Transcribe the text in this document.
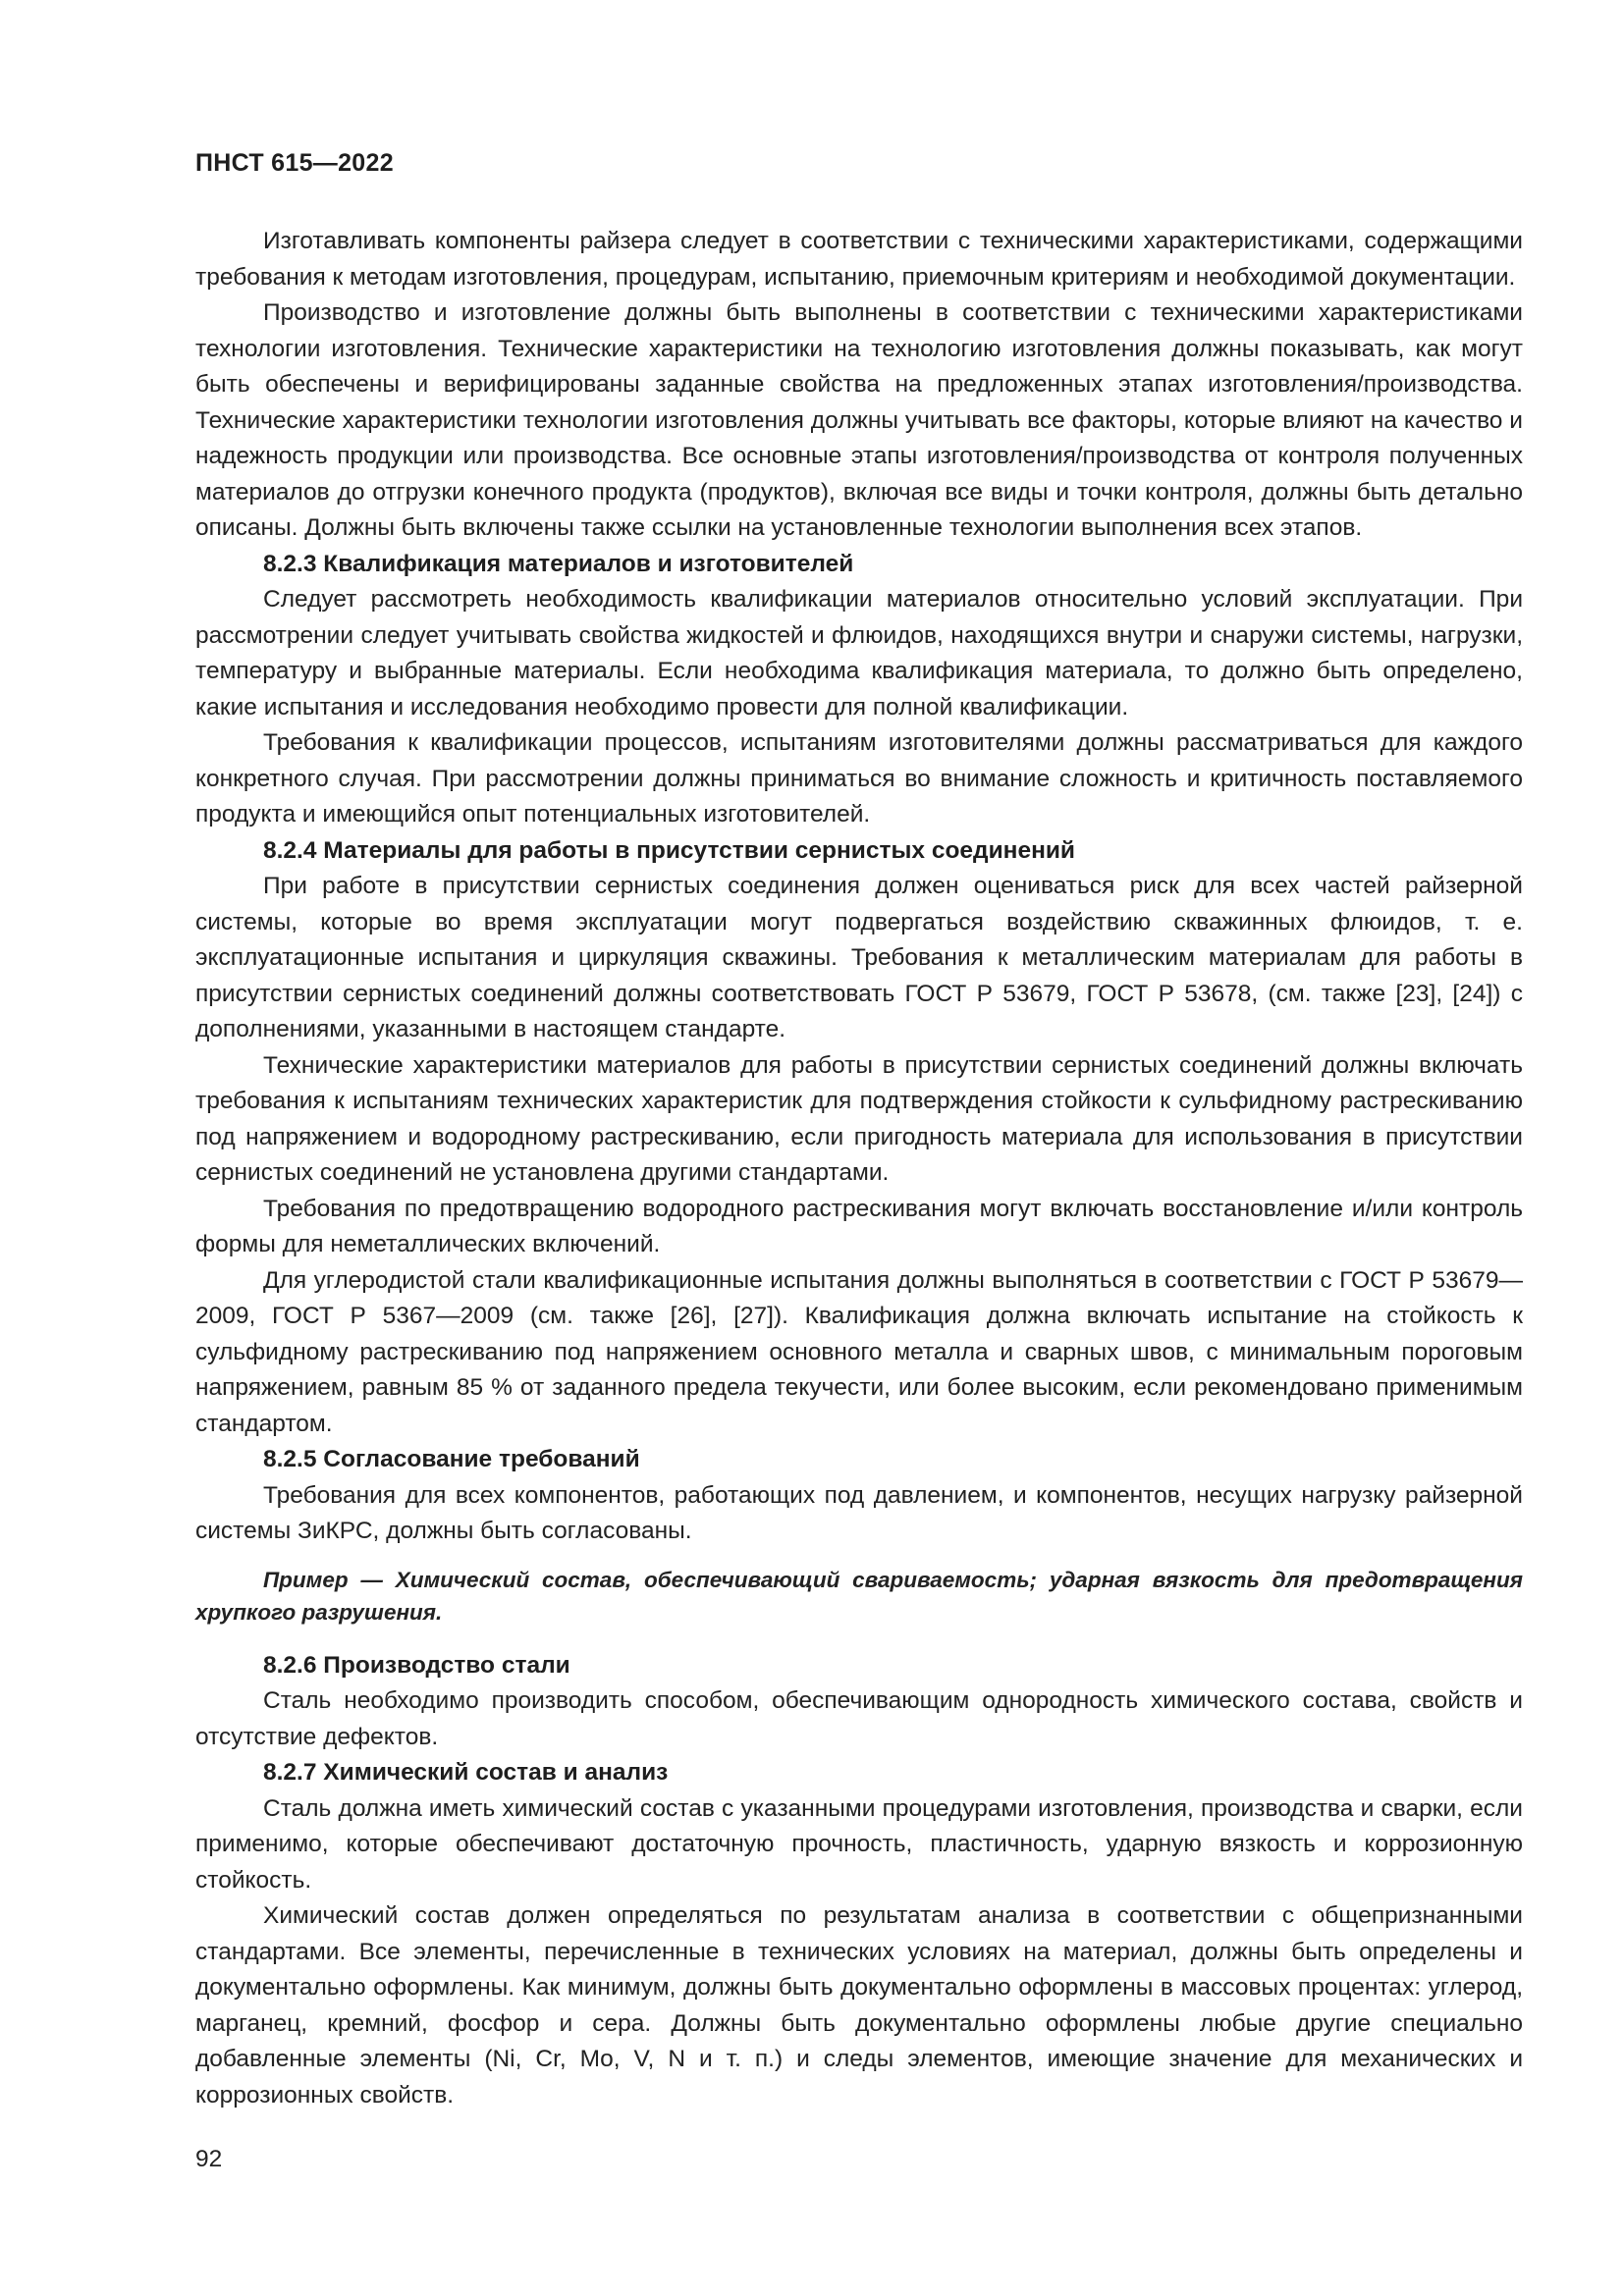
ПНСТ 615—2022

Изготавливать компоненты райзера следует в соответствии с техническими характеристиками, содержащими требования к методам изготовления, процедурам, испытанию, приемочным критериям и необходимой документации.

Производство и изготовление должны быть выполнены в соответствии с техническими характеристиками технологии изготовления. Технические характеристики на технологию изготовления должны показывать, как могут быть обеспечены и верифицированы заданные свойства на предложенных этапах изготовления/производства. Технические характеристики технологии изготовления должны учитывать все факторы, которые влияют на качество и надежность продукции или производства. Все основные этапы изготовления/производства от контроля полученных материалов до отгрузки конечного продукта (продуктов), включая все виды и точки контроля, должны быть детально описаны. Должны быть включены также ссылки на установленные технологии выполнения всех этапов.

8.2.3 Квалификация материалов и изготовителей

Следует рассмотреть необходимость квалификации материалов относительно условий эксплуатации. При рассмотрении следует учитывать свойства жидкостей и флюидов, находящихся внутри и снаружи системы, нагрузки, температуру и выбранные материалы. Если необходима квалификация материала, то должно быть определено, какие испытания и исследования необходимо провести для полной квалификации.

Требования к квалификации процессов, испытаниям изготовителями должны рассматриваться для каждого конкретного случая. При рассмотрении должны приниматься во внимание сложность и критичность поставляемого продукта и имеющийся опыт потенциальных изготовителей.

8.2.4 Материалы для работы в присутствии сернистых соединений

При работе в присутствии сернистых соединения должен оцениваться риск для всех частей райзерной системы, которые во время эксплуатации могут подвергаться воздействию скважинных флюидов, т. е. эксплуатационные испытания и циркуляция скважины. Требования к металлическим материалам для работы в присутствии сернистых соединений должны соответствовать ГОСТ Р 53679, ГОСТ Р 53678, (см. также [23], [24]) с дополнениями, указанными в настоящем стандарте.

Технические характеристики материалов для работы в присутствии сернистых соединений должны включать требования к испытаниям технических характеристик для подтверждения стойкости к сульфидному растрескиванию под напряжением и водородному растрескиванию, если пригодность материала для использования в присутствии сернистых соединений не установлена другими стандартами.

Требования по предотвращению водородного растрескивания могут включать восстановление и/или контроль формы для неметаллических включений.

Для углеродистой стали квалификационные испытания должны выполняться в соответствии с ГОСТ Р 53679—2009, ГОСТ Р 5367—2009 (см. также [26], [27]). Квалификация должна включать испытание на стойкость к сульфидному растрескиванию под напряжением основного металла и сварных швов, с минимальным пороговым напряжением, равным 85 % от заданного предела текучести, или более высоким, если рекомендовано применимым стандартом.

8.2.5 Согласование требований

Требования для всех компонентов, работающих под давлением, и компонентов, несущих нагрузку райзерной системы ЗиКРС, должны быть согласованы.

Пример — Химический состав, обеспечивающий свариваемость; ударная вязкость для предотвращения хрупкого разрушения.

8.2.6 Производство стали

Сталь необходимо производить способом, обеспечивающим однородность химического состава, свойств и отсутствие дефектов.

8.2.7 Химический состав и анализ

Сталь должна иметь химический состав с указанными процедурами изготовления, производства и сварки, если применимо, которые обеспечивают достаточную прочность, пластичность, ударную вязкость и коррозионную стойкость.

Химический состав должен определяться по результатам анализа в соответствии с общепризнанными стандартами. Все элементы, перечисленные в технических условиях на материал, должны быть определены и документально оформлены. Как минимум, должны быть документально оформлены в массовых процентах: углерод, марганец, кремний, фосфор и сера. Должны быть документально оформлены любые другие специально добавленные элементы (Ni, Cr, Mo, V, N и т. п.) и следы элементов, имеющие значение для механических и коррозионных свойств.

92
